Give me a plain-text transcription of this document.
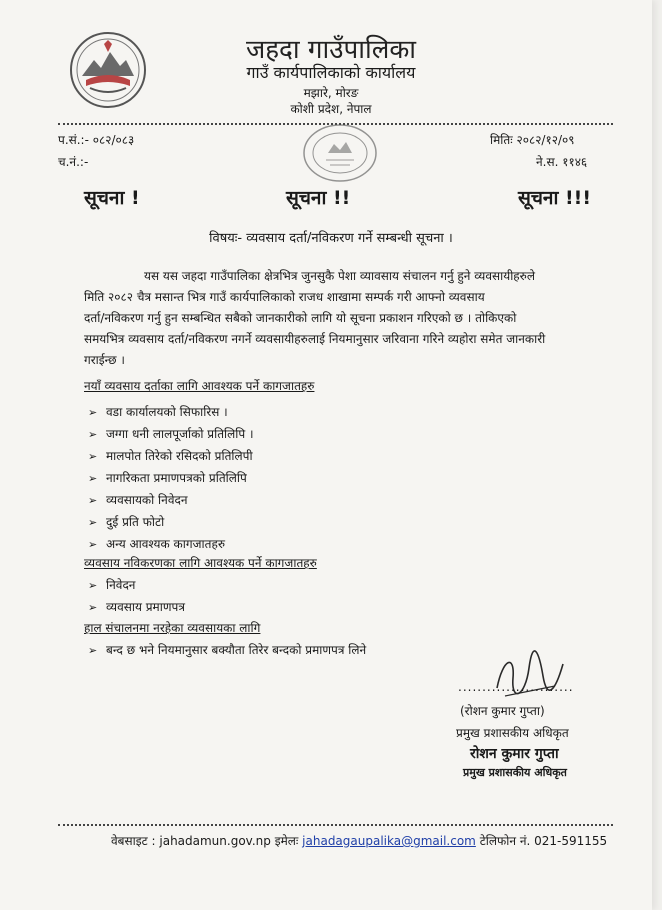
जहदा गाउँपालिका
गाउँ कार्यपालिकाको कार्यालय
मझारे, मोरङ
कोशी प्रदेश, नेपाल
प.सं.:- ०८२/०८३
च.नं.:-
मितिः २०८२/१२/०९
ने.स. ११४६
सूचना !	सूचना !!	सूचना !!!
विषयः- व्यवसाय दर्ता/नविकरण गर्ने सम्बन्धी सूचना ।
यस यस जहदा गाउँपालिका क्षेत्रभित्र जुनसुकै पेशा व्यावसाय संचालन गर्नु हुने व्यवसायीहरुले
मिति २०८२ चैत्र मसान्त भित्र गाउँ कार्यपालिकाको राजध शाखामा सम्पर्क गरी आफ्नो व्यवसाय
दर्ता/नविकरण गर्नु हुन सम्बन्धित सबैको जानकारीको लागि यो सूचना प्रकाशन गरिएको छ । तोकिएको
समयभित्र व्यवसाय दर्ता/नविकरण नगर्ने व्यवसायीहरुलाई नियमानुसार जरिवाना गरिने व्यहोरा समेत जानकारी
गराईन्छ ।
नयाँ व्यवसाय दर्ताका लागि आवश्यक पर्ने कागजातहरु
➢ वडा कार्यालयको सिफारिस ।
➢ जग्गा धनी लालपूर्जाको प्रतिलिपि ।
➢ मालपोत तिरेको रसिदको प्रतिलिपी
➢ नागरिकता प्रमाणपत्रको प्रतिलिपि
➢ व्यवसायको निवेदन
➢ दुई प्रति फोटो
➢ अन्य आवश्यक कागजातहरु
व्यवसाय नविकरणका लागि आवश्यक पर्ने कागजातहरु
➢ निवेदन
➢ व्यवसाय प्रमाणपत्र
हाल संचालनमा नरहेका व्यवसायका लागि
➢ बन्द छ भने नियमानुसार बक्यौता तिरेर बन्दको प्रमाणपत्र लिने
........................
(रोशन कुमार गुप्ता)
प्रमुख प्रशासकीय अधिकृत
रोशन कुमार गुप्ता
प्रमुख प्रशासकीय अधिकृत
वेबसाइट : jahadamun.gov.np इमेलः jahadagaupalika@gmail.com टेलिफोन नं. 021-591155
